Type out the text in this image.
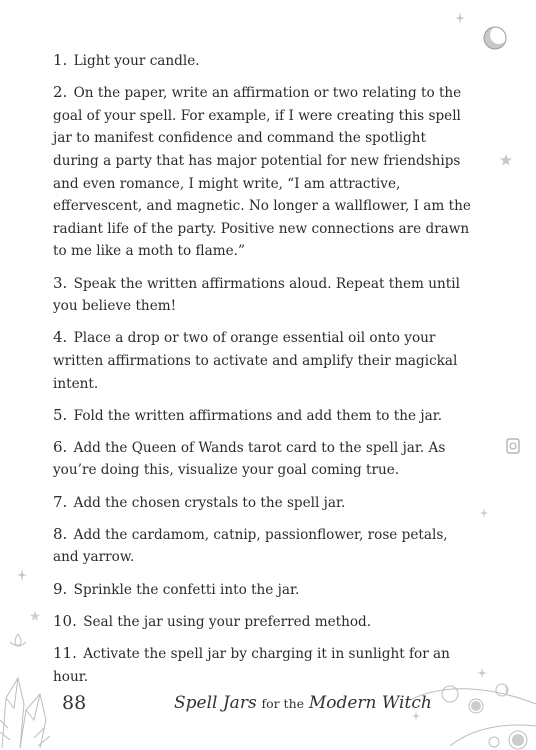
1. Light your candle.
2. On the paper, write an affirmation or two relating to the goal of your spell. For example, if I were creating this spell jar to manifest confidence and command the spotlight during a party that has major potential for new friendships and even romance, I might write, “I am attractive, effervescent, and magnetic. No longer a wallflower, I am the radiant life of the party. Positive new connections are drawn to me like a moth to flame.”
3. Speak the written affirmations aloud. Repeat them until you believe them!
4. Place a drop or two of orange essential oil onto your written affirmations to activate and amplify their magickal intent.
5. Fold the written affirmations and add them to the jar.
6. Add the Queen of Wands tarot card to the spell jar. As you’re doing this, visualize your goal coming true.
7. Add the chosen crystals to the spell jar.
8. Add the cardamom, catnip, passionflower, rose petals, and yarrow.
9. Sprinkle the confetti into the jar.
10. Seal the jar using your preferred method.
11. Activate the spell jar by charging it in sunlight for an hour.
88	Spell Jars for the Modern Witch
